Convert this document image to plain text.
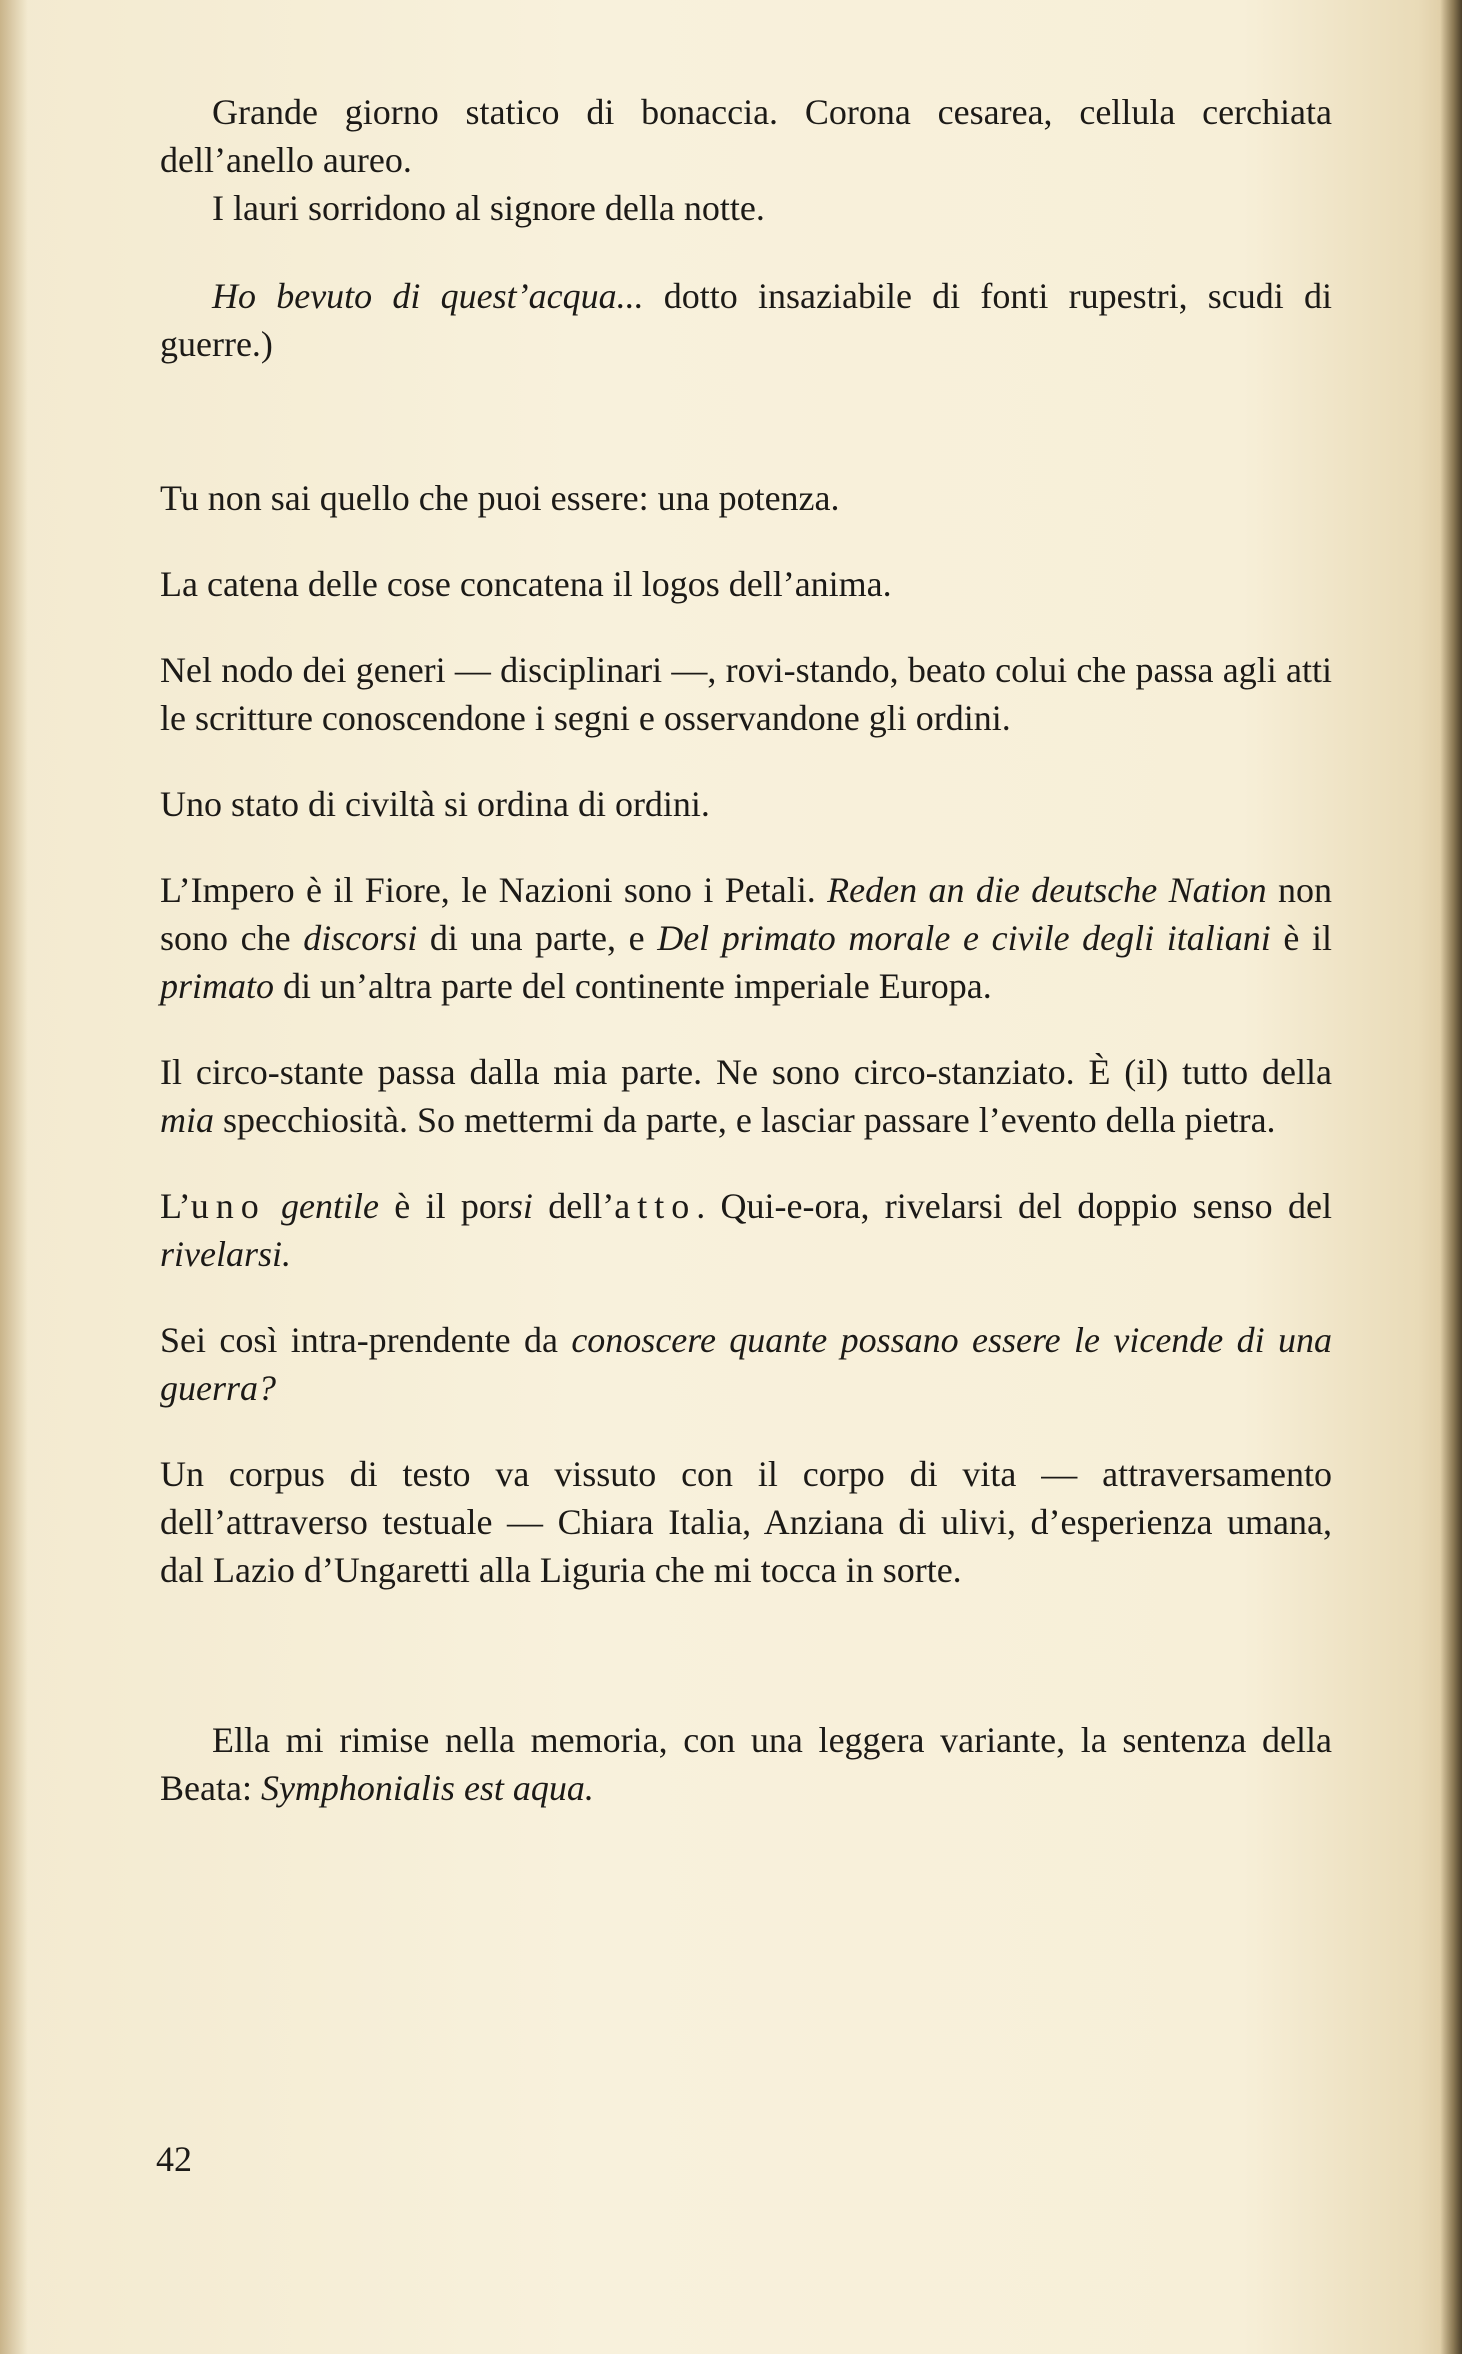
Grande giorno statico di bonaccia. Corona cesarea, cellula cerchiata dell’anello aureo.

I lauri sorridono al signore della notte.

Ho bevuto di quest’acqua... dotto insaziabile di fonti rupestri, scudi di guerre.)

Tu non sai quello che puoi essere: una potenza.

La catena delle cose concatena il logos dell’anima.

Nel nodo dei generi — disciplinari —, rovi-stando, beato colui che passa agli atti le scritture conoscendone i segni e osservandone gli ordini.

Uno stato di civiltà si ordina di ordini.

L’Impero è il Fiore, le Nazioni sono i Petali. Reden an die deutsche Nation non sono che discorsi di una parte, e Del primato morale e civile degli italiani è il primato di un’altra parte del continente imperiale Europa.

Il circo-stante passa dalla mia parte. Ne sono circo-stanziato. È (il) tutto della mia specchiosità. So mettermi da parte, e lasciar passare l’evento della pietra.

L’uno gentile è il porsi dell’atto. Qui-e-ora, rivelarsi del doppio senso del rivelarsi.

Sei così intra-prendente da conoscere quante possano essere le vicende di una guerra?

Un corpus di testo va vissuto con il corpo di vita — attraversamento dell’attraverso testuale — Chiara Italia, Anziana di ulivi, d’esperienza umana, dal Lazio d’Ungaretti alla Liguria che mi tocca in sorte.

Ella mi rimise nella memoria, con una leggera variante, la sentenza della Beata: Symphonialis est aqua.

42
